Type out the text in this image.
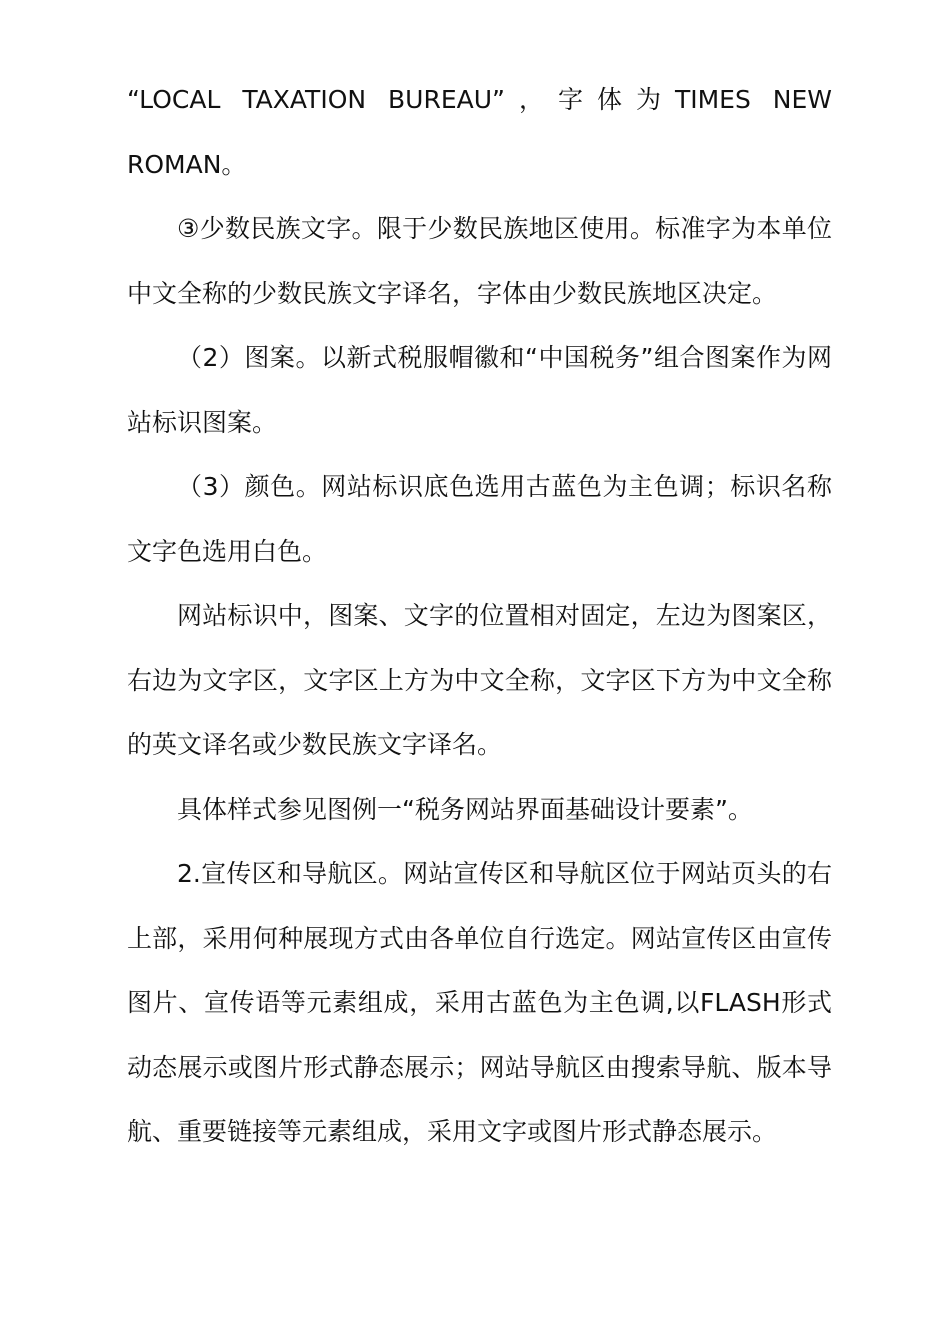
“LOCAL TAXATION BUREAU”，字体为TIMES NEW ROMAN。

③少数民族文字。限于少数民族地区使用。标准字为本单位中文全称的少数民族文字译名，字体由少数民族地区决定。

（2）图案。以新式税服帽徽和“中国税务”组合图案作为网站标识图案。

（3）颜色。网站标识底色选用古蓝色为主色调；标识名称文字色选用白色。

网站标识中，图案、文字的位置相对固定，左边为图案区，右边为文字区，文字区上方为中文全称，文字区下方为中文全称的英文译名或少数民族文字译名。

具体样式参见图例一“税务网站界面基础设计要素”。

2.宣传区和导航区。网站宣传区和导航区位于网站页头的右上部，采用何种展现方式由各单位自行选定。网站宣传区由宣传图片、宣传语等元素组成，采用古蓝色为主色调,以FLASH形式动态展示或图片形式静态展示；网站导航区由搜索导航、版本导航、重要链接等元素组成，采用文字或图片形式静态展示。
